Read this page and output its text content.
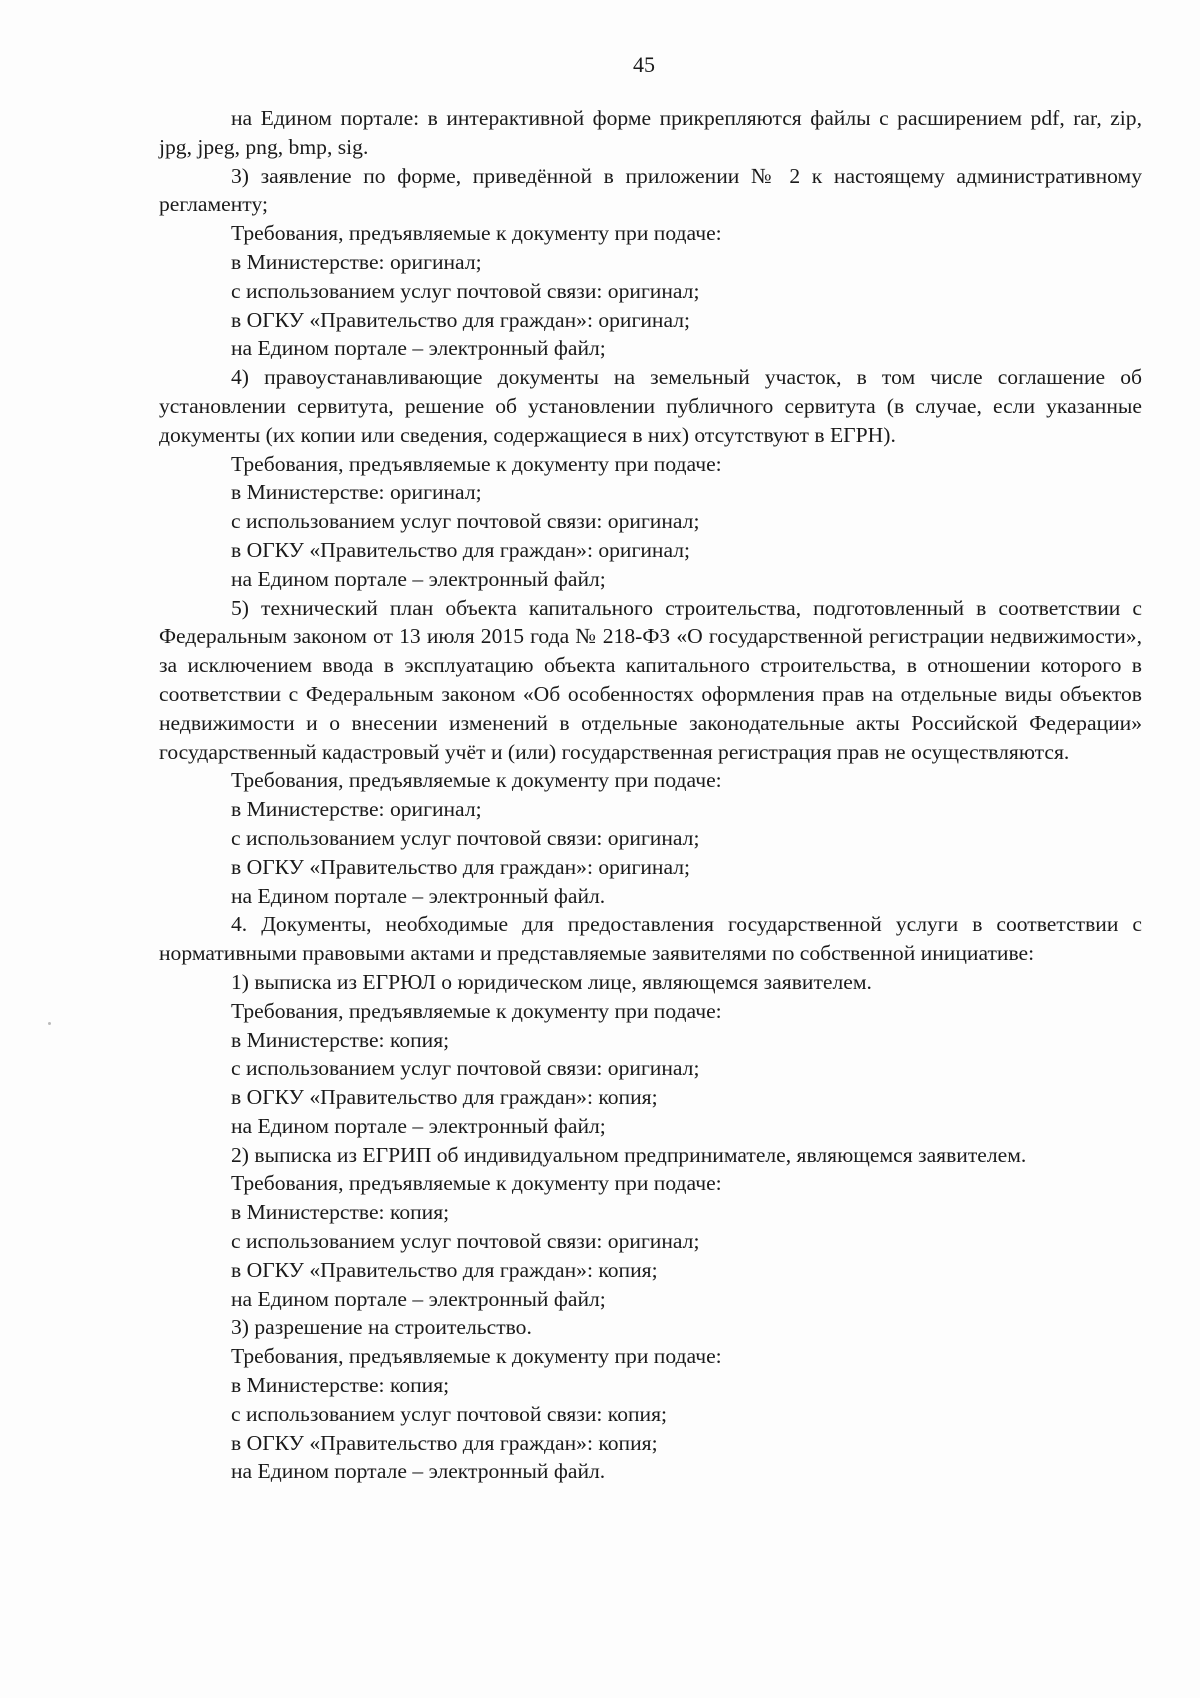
45

на Едином портале: в интерактивной форме прикрепляются файлы с расширением pdf, rar, zip, jpg, jpeg, png, bmp, sig.

3) заявление по форме, приведённой в приложении № 2 к настоящему административному регламенту;

Требования, предъявляемые к документу при подаче:

в Министерстве: оригинал;

с использованием услуг почтовой связи: оригинал;

в ОГКУ «Правительство для граждан»: оригинал;

на Едином портале – электронный файл;

4) правоустанавливающие документы на земельный участок, в том числе соглашение об установлении сервитута, решение об установлении публичного сервитута (в случае, если указанные документы (их копии или сведения, содержащиеся в них) отсутствуют в ЕГРН).

Требования, предъявляемые к документу при подаче:

в Министерстве: оригинал;

с использованием услуг почтовой связи: оригинал;

в ОГКУ «Правительство для граждан»: оригинал;

на Едином портале – электронный файл;

5) технический план объекта капитального строительства, подготовленный в соответствии с Федеральным законом от 13 июля 2015 года № 218-ФЗ «О государственной регистрации недвижимости», за исключением ввода в эксплуатацию объекта капитального строительства, в отношении которого в соответствии с Федеральным законом «Об особенностях оформления прав на отдельные виды объектов недвижимости и о внесении изменений в отдельные законодательные акты Российской Федерации» государственный кадастровый учёт и (или) государственная регистрация прав не осуществляются.

Требования, предъявляемые к документу при подаче:

в Министерстве: оригинал;

с использованием услуг почтовой связи: оригинал;

в ОГКУ «Правительство для граждан»: оригинал;

на Едином портале – электронный файл.

4. Документы, необходимые для предоставления государственной услуги в соответствии с нормативными правовыми актами и представляемые заявителями по собственной инициативе:

1) выписка из ЕГРЮЛ о юридическом лице, являющемся заявителем.

Требования, предъявляемые к документу при подаче:

в Министерстве: копия;

с использованием услуг почтовой связи: оригинал;

в ОГКУ «Правительство для граждан»: копия;

на Едином портале – электронный файл;

2) выписка из ЕГРИП об индивидуальном предпринимателе, являющемся заявителем.

Требования, предъявляемые к документу при подаче:

в Министерстве: копия;

с использованием услуг почтовой связи: оригинал;

в ОГКУ «Правительство для граждан»: копия;

на Едином портале – электронный файл;

3) разрешение на строительство.

Требования, предъявляемые к документу при подаче:

в Министерстве: копия;

с использованием услуг почтовой связи: копия;

в ОГКУ «Правительство для граждан»: копия;

на Едином портале – электронный файл.
